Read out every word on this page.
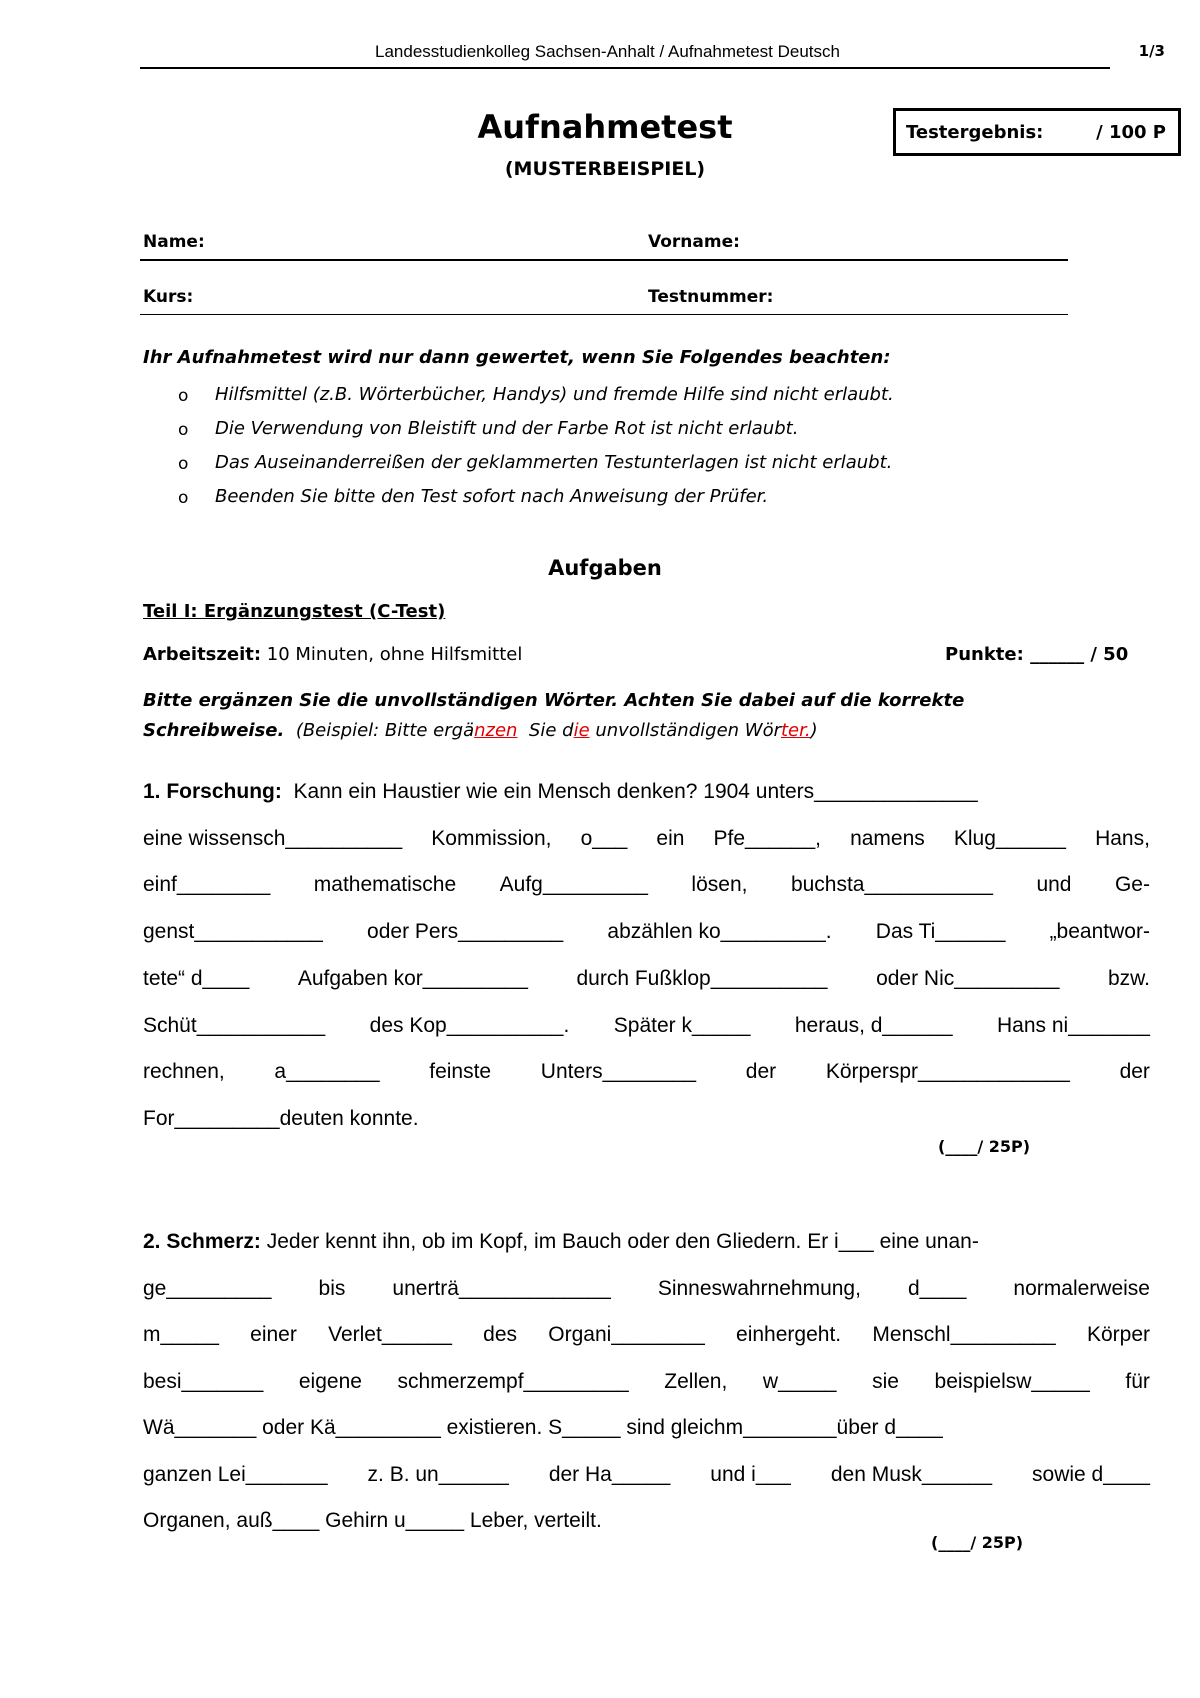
Landesstudienkolleg Sachsen-Anhalt / Aufnahmetest Deutsch	1/3
Aufnahmetest
(MUSTERBEISPIEL)
Testergebnis:	/ 100 P
Name:	Vorname:
Kurs:	Testnummer:
Ihr Aufnahmetest wird nur dann gewertet, wenn Sie Folgendes beachten:
o Hilfsmittel (z.B. Wörterbücher, Handys) und fremde Hilfe sind nicht erlaubt.
o Die Verwendung von Bleistift und der Farbe Rot ist nicht erlaubt.
o Das Auseinanderreißen der geklammerten Testunterlagen ist nicht erlaubt.
o Beenden Sie bitte den Test sofort nach Anweisung der Prüfer.
Aufgaben
Teil I: Ergänzungstest (C-Test)
Arbeitszeit: 10 Minuten, ohne Hilfsmittel	Punkte: ______ / 50
Bitte ergänzen Sie die unvollständigen Wörter. Achten Sie dabei auf die korrekte
Schreibweise. (Beispiel: Bitte ergänzen  Sie die unvollständigen Wörter.)
1. Forschung:  Kann ein Haustier wie ein Mensch denken? 1904 unters______________
eine wissensch__________ Kommission, o___ ein Pfe______, namens Klug______ Hans,
einf________ mathematische Aufg_________ lösen, buchsta___________ und Ge-
genst___________ oder Pers_________ abzählen ko_________. Das Ti______ „beantwor-
tete“ d____ Aufgaben kor_________ durch Fußklop__________ oder Nic_________ bzw.
Schüt___________ des Kop__________. Später k_____ heraus, d______ Hans ni_______
rechnen, a________ feinste Unters________ der Körperspr_____________ der
For_________deuten konnte.
(____/ 25P)
2. Schmerz: Jeder kennt ihn, ob im Kopf, im Bauch oder den Gliedern. Er i___ eine unan-
ge_________ bis unerträ_____________ Sinneswahrnehmung, d____ normalerweise
m_____ einer Verlet______ des Organi________ einhergeht. Menschl_________ Körper
besi_______ eigene schmerzempf_________ Zellen, w_____ sie beispielsw_____ für
Wä_______ oder Kä_________ existieren. S_____ sind gleichm________über d____
ganzen Lei_______ z. B. un______ der Ha_____ und i___ den Musk______ sowie d____
Organen, auß____ Gehirn u_____ Leber, verteilt.
(____/ 25P)
